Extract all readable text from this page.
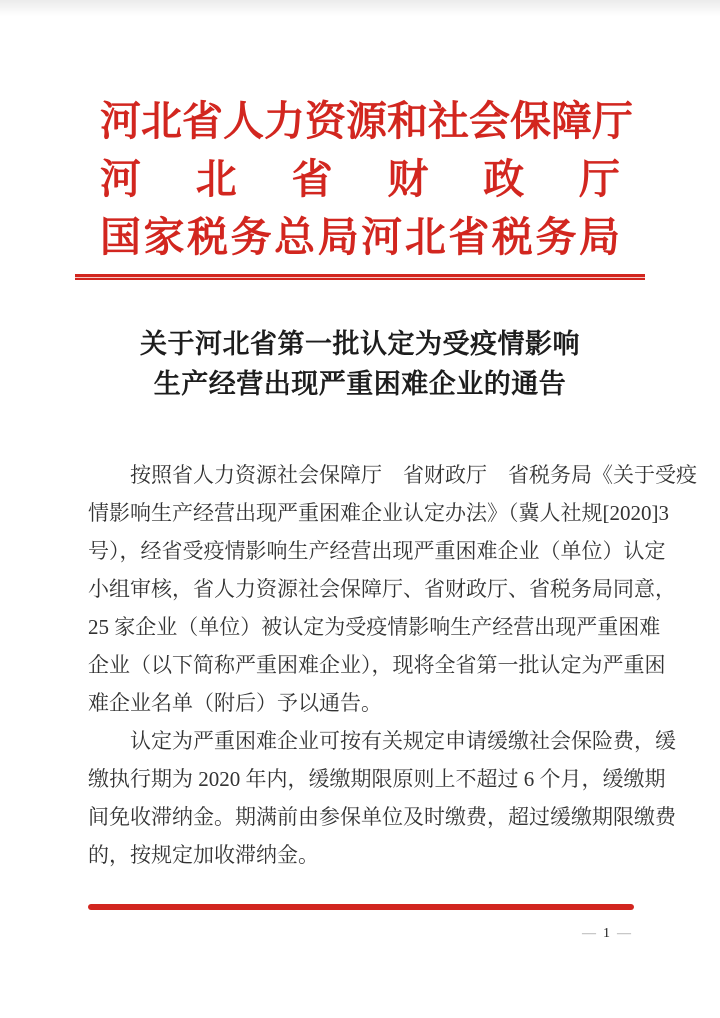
河北省人力资源和社会保障厅
河北省财政厅
国家税务总局河北省税务局
关于河北省第一批认定为受疫情影响
生产经营出现严重困难企业的通告
按照省人力资源社会保障厅　省财政厅　省税务局《关于受疫
情影响生产经营出现严重困难企业认定办法》（冀人社规[2020]3
号），经省受疫情影响生产经营出现严重困难企业（单位）认定
小组审核，省人力资源社会保障厅、省财政厅、省税务局同意，
25 家企业（单位）被认定为受疫情影响生产经营出现严重困难
企业（以下简称严重困难企业），现将全省第一批认定为严重困
难企业名单（附后）予以通告。
认定为严重困难企业可按有关规定申请缓缴社会保险费，缓
缴执行期为 2020 年内，缓缴期限原则上不超过 6 个月，缓缴期
间免收滞纳金。期满前由参保单位及时缴费，超过缓缴期限缴费
的，按规定加收滞纳金。
— 1 —
